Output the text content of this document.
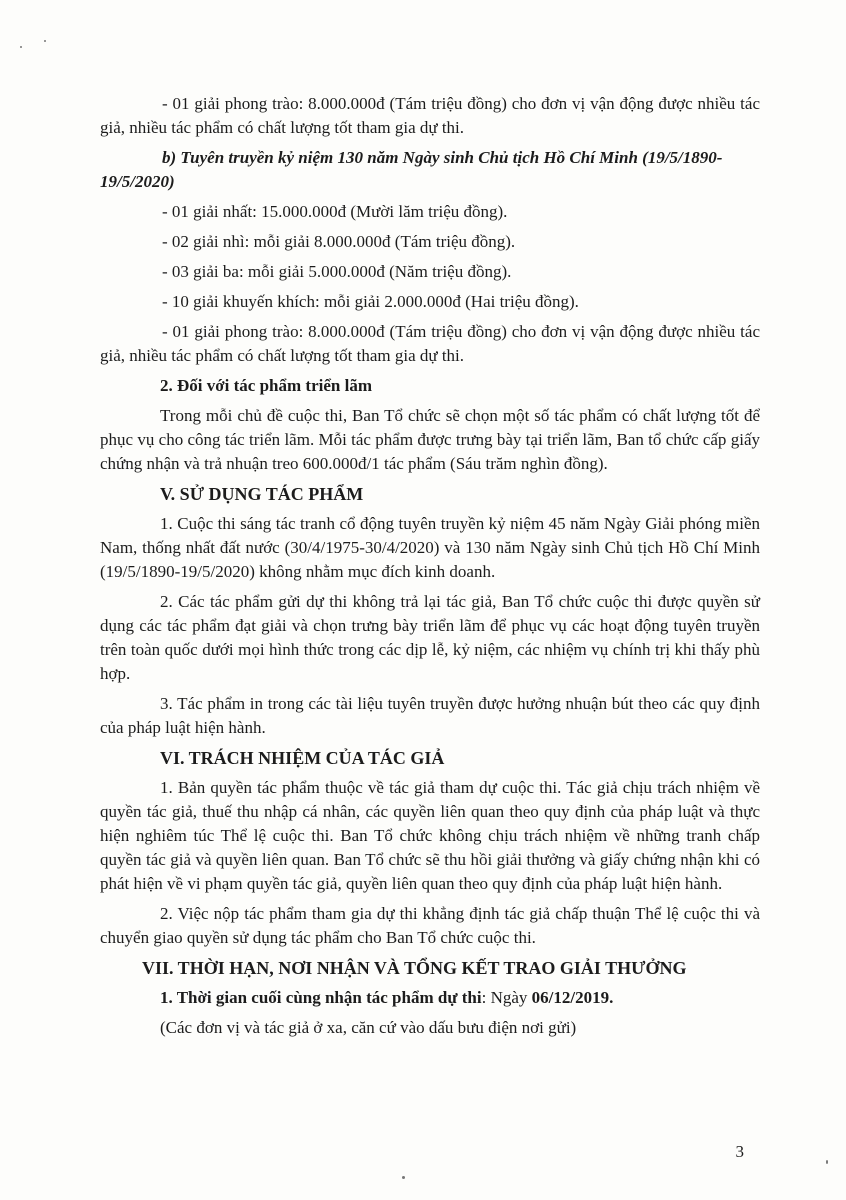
- 01 giải phong trào: 8.000.000đ (Tám triệu đồng) cho đơn vị vận động được nhiều tác giả, nhiều tác phẩm có chất lượng tốt tham gia dự thi.

b) Tuyên truyền kỷ niệm 130 năm Ngày sinh Chủ tịch Hồ Chí Minh (19/5/1890-19/5/2020)

- 01 giải nhất: 15.000.000đ (Mười lăm triệu đồng).

- 02 giải nhì: mỗi giải 8.000.000đ (Tám triệu đồng).

- 03 giải ba: mỗi giải 5.000.000đ (Năm triệu đồng).

- 10 giải khuyến khích: mỗi giải 2.000.000đ (Hai triệu đồng).

- 01 giải phong trào: 8.000.000đ (Tám triệu đồng) cho đơn vị vận động được nhiều tác giả, nhiều tác phẩm có chất lượng tốt tham gia dự thi.

2. Đối với tác phẩm triển lãm

Trong mỗi chủ đề cuộc thi, Ban Tổ chức sẽ chọn một số tác phẩm có chất lượng tốt để phục vụ cho công tác triển lãm. Mỗi tác phẩm được trưng bày tại triển lãm, Ban tổ chức cấp giấy chứng nhận và trả nhuận treo 600.000đ/1 tác phẩm (Sáu trăm nghìn đồng).

V. SỬ DỤNG TÁC PHẨM

1. Cuộc thi sáng tác tranh cổ động tuyên truyền kỷ niệm 45 năm Ngày Giải phóng miền Nam, thống nhất đất nước (30/4/1975-30/4/2020) và 130 năm Ngày sinh Chủ tịch Hồ Chí Minh (19/5/1890-19/5/2020) không nhằm mục đích kinh doanh.

2. Các tác phẩm gửi dự thi không trả lại tác giả, Ban Tổ chức cuộc thi được quyền sử dụng các tác phẩm đạt giải và chọn trưng bày triển lãm để phục vụ các hoạt động tuyên truyền trên toàn quốc dưới mọi hình thức trong các dịp lễ, kỷ niệm, các nhiệm vụ chính trị khi thấy phù hợp.

3. Tác phẩm in trong các tài liệu tuyên truyền được hưởng nhuận bút theo các quy định của pháp luật hiện hành.

VI. TRÁCH NHIỆM CỦA TÁC GIẢ

1. Bản quyền tác phẩm thuộc về tác giả tham dự cuộc thi. Tác giả chịu trách nhiệm về quyền tác giả, thuế thu nhập cá nhân, các quyền liên quan theo quy định của pháp luật và thực hiện nghiêm túc Thể lệ cuộc thi. Ban Tổ chức không chịu trách nhiệm về những tranh chấp quyền tác giả và quyền liên quan. Ban Tổ chức sẽ thu hồi giải thưởng và giấy chứng nhận khi có phát hiện về vi phạm quyền tác giả, quyền liên quan theo quy định của pháp luật hiện hành.

2. Việc nộp tác phẩm tham gia dự thi khẳng định tác giả chấp thuận Thể lệ cuộc thi và chuyển giao quyền sử dụng tác phẩm cho Ban Tổ chức cuộc thi.

VII. THỜI HẠN, NƠI NHẬN VÀ TỔNG KẾT TRAO GIẢI THƯỞNG

1. Thời gian cuối cùng nhận tác phẩm dự thi: Ngày 06/12/2019.

(Các đơn vị và tác giả ở xa, căn cứ vào dấu bưu điện nơi gửi)

3
